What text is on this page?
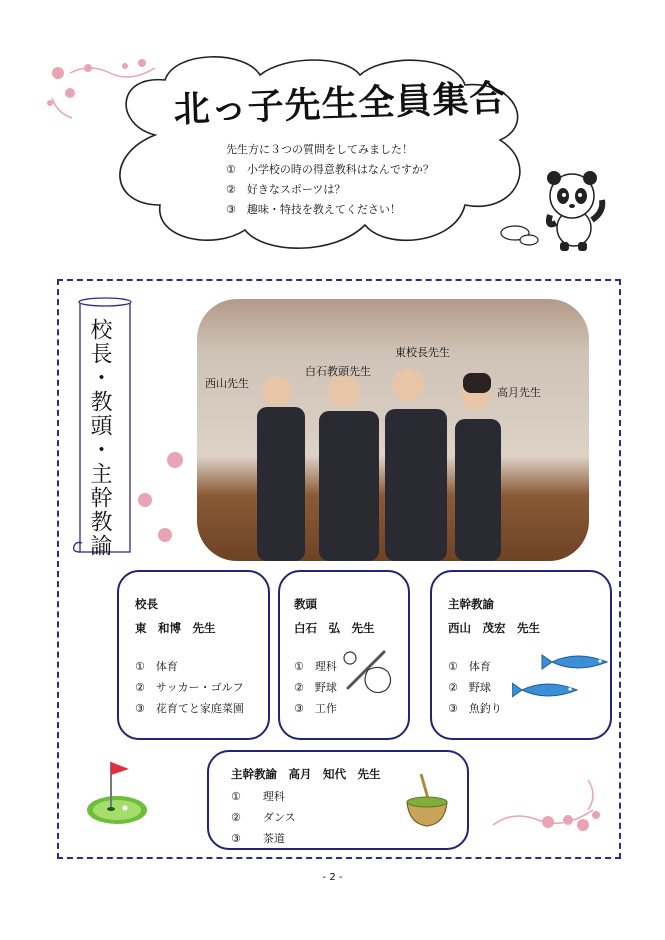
北っ子先生全員集合
先生方に３つの質問をしてみました！
①　小学校の時の得意教科はなんですか？
②　好きなスポーツは？
③　趣味・特技を教えてください！
校長・教頭・主幹教諭	西山先生
白石教頭先生
東校長先生
高月先生
校長
東　和博　先生
①　体育
②　サッカー・ゴルフ
③　花育てと家庭菜園
教頭
白石　弘　先生
①　理科
②　野球
③　工作
主幹教諭
西山　茂宏　先生
①　体育
②　野球
③　魚釣り
主幹教諭　高月　知代　先生
①　　理科
②　　ダンス
③　　茶道
- 2 -
